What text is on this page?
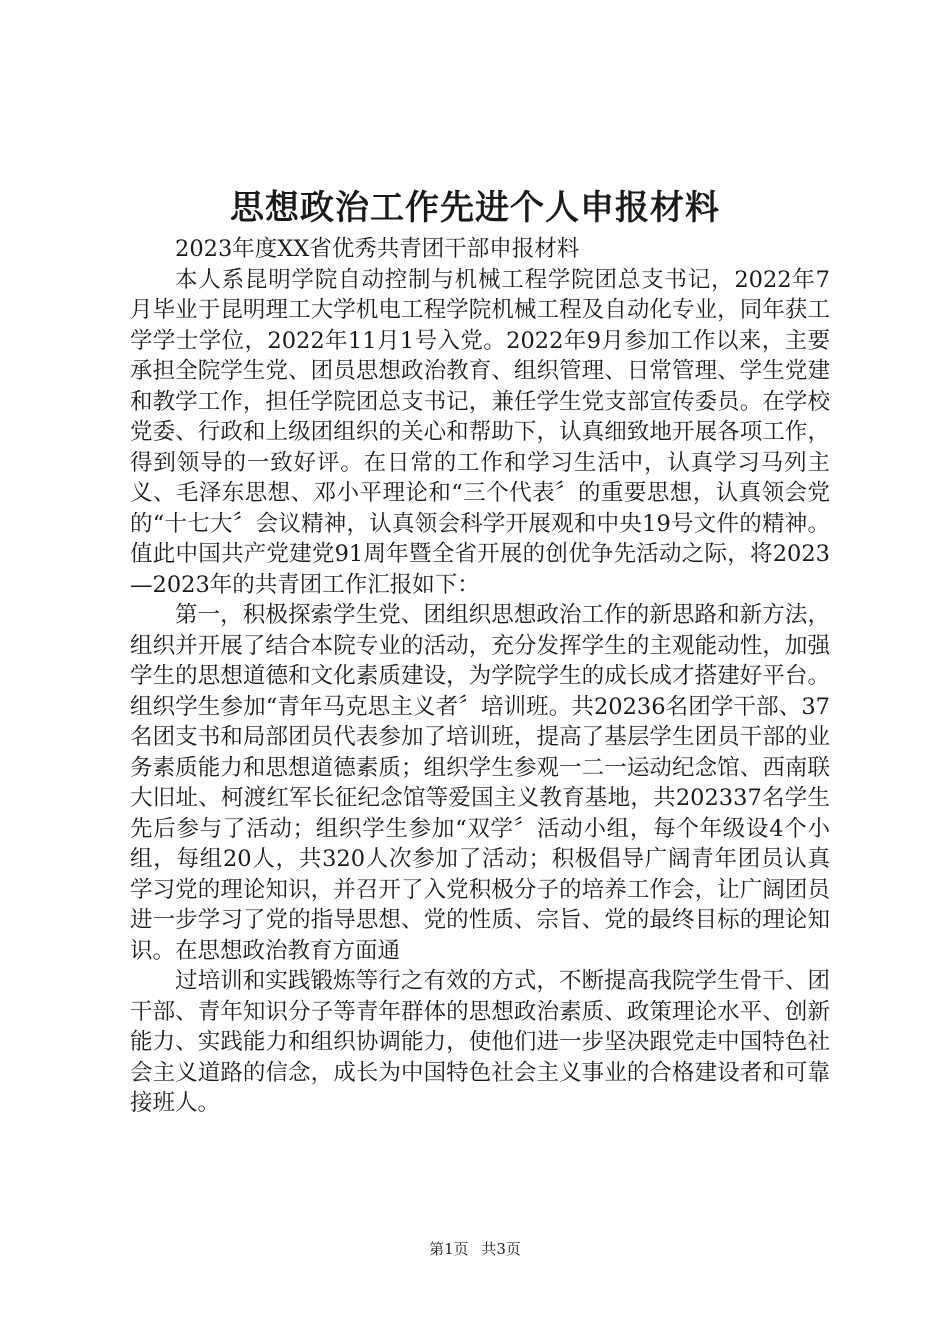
思想政治工作先进个人申报材料

2023年度XX省优秀共青团干部申报材料

本人系昆明学院自动控制与机械工程学院团总支书记，2022年7月毕业于昆明理工大学机电工程学院机械工程及自动化专业，同年获工学学士学位，2022年11月1号入党。2022年9月参加工作以来，主要承担全院学生党、团员思想政治教育、组织管理、日常管理、学生党建和教学工作，担任学院团总支书记，兼任学生党支部宣传委员。在学校党委、行政和上级团组织的关心和帮助下，认真细致地开展各项工作，得到领导的一致好评。在日常的工作和学习生活中，认真学习马列主义、毛泽东思想、邓小平理论和“三个代表〞的重要思想，认真领会党的“十七大〞会议精神，认真领会科学开展观和中央19号文件的精神。值此中国共产党建党91周年暨全省开展的创优争先活动之际，将2023—2023年的共青团工作汇报如下：

第一，积极探索学生党、团组织思想政治工作的新思路和新方法，组织并开展了结合本院专业的活动，充分发挥学生的主观能动性，加强学生的思想道德和文化素质建设，为学院学生的成长成才搭建好平台。组织学生参加“青年马克思主义者〞培训班。共20236名团学干部、37名团支书和局部团员代表参加了培训班，提高了基层学生团员干部的业务素质能力和思想道德素质；组织学生参观一二一运动纪念馆、西南联大旧址、柯渡红军长征纪念馆等爱国主义教育基地，共202337名学生先后参与了活动；组织学生参加“双学〞活动小组，每个年级设4个小组，每组20人，共320人次参加了活动；积极倡导广阔青年团员认真学习党的理论知识，并召开了入党积极分子的培养工作会，让广阔团员进一步学习了党的指导思想、党的性质、宗旨、党的最终目标的理论知识。在思想政治教育方面通

过培训和实践锻炼等行之有效的方式，不断提高我院学生骨干、团干部、青年知识分子等青年群体的思想政治素质、政策理论水平、创新能力、实践能力和组织协调能力，使他们进一步坚决跟党走中国特色社会主义道路的信念，成长为中国特色社会主义事业的合格建设者和可靠接班人。

第1页 共3页
